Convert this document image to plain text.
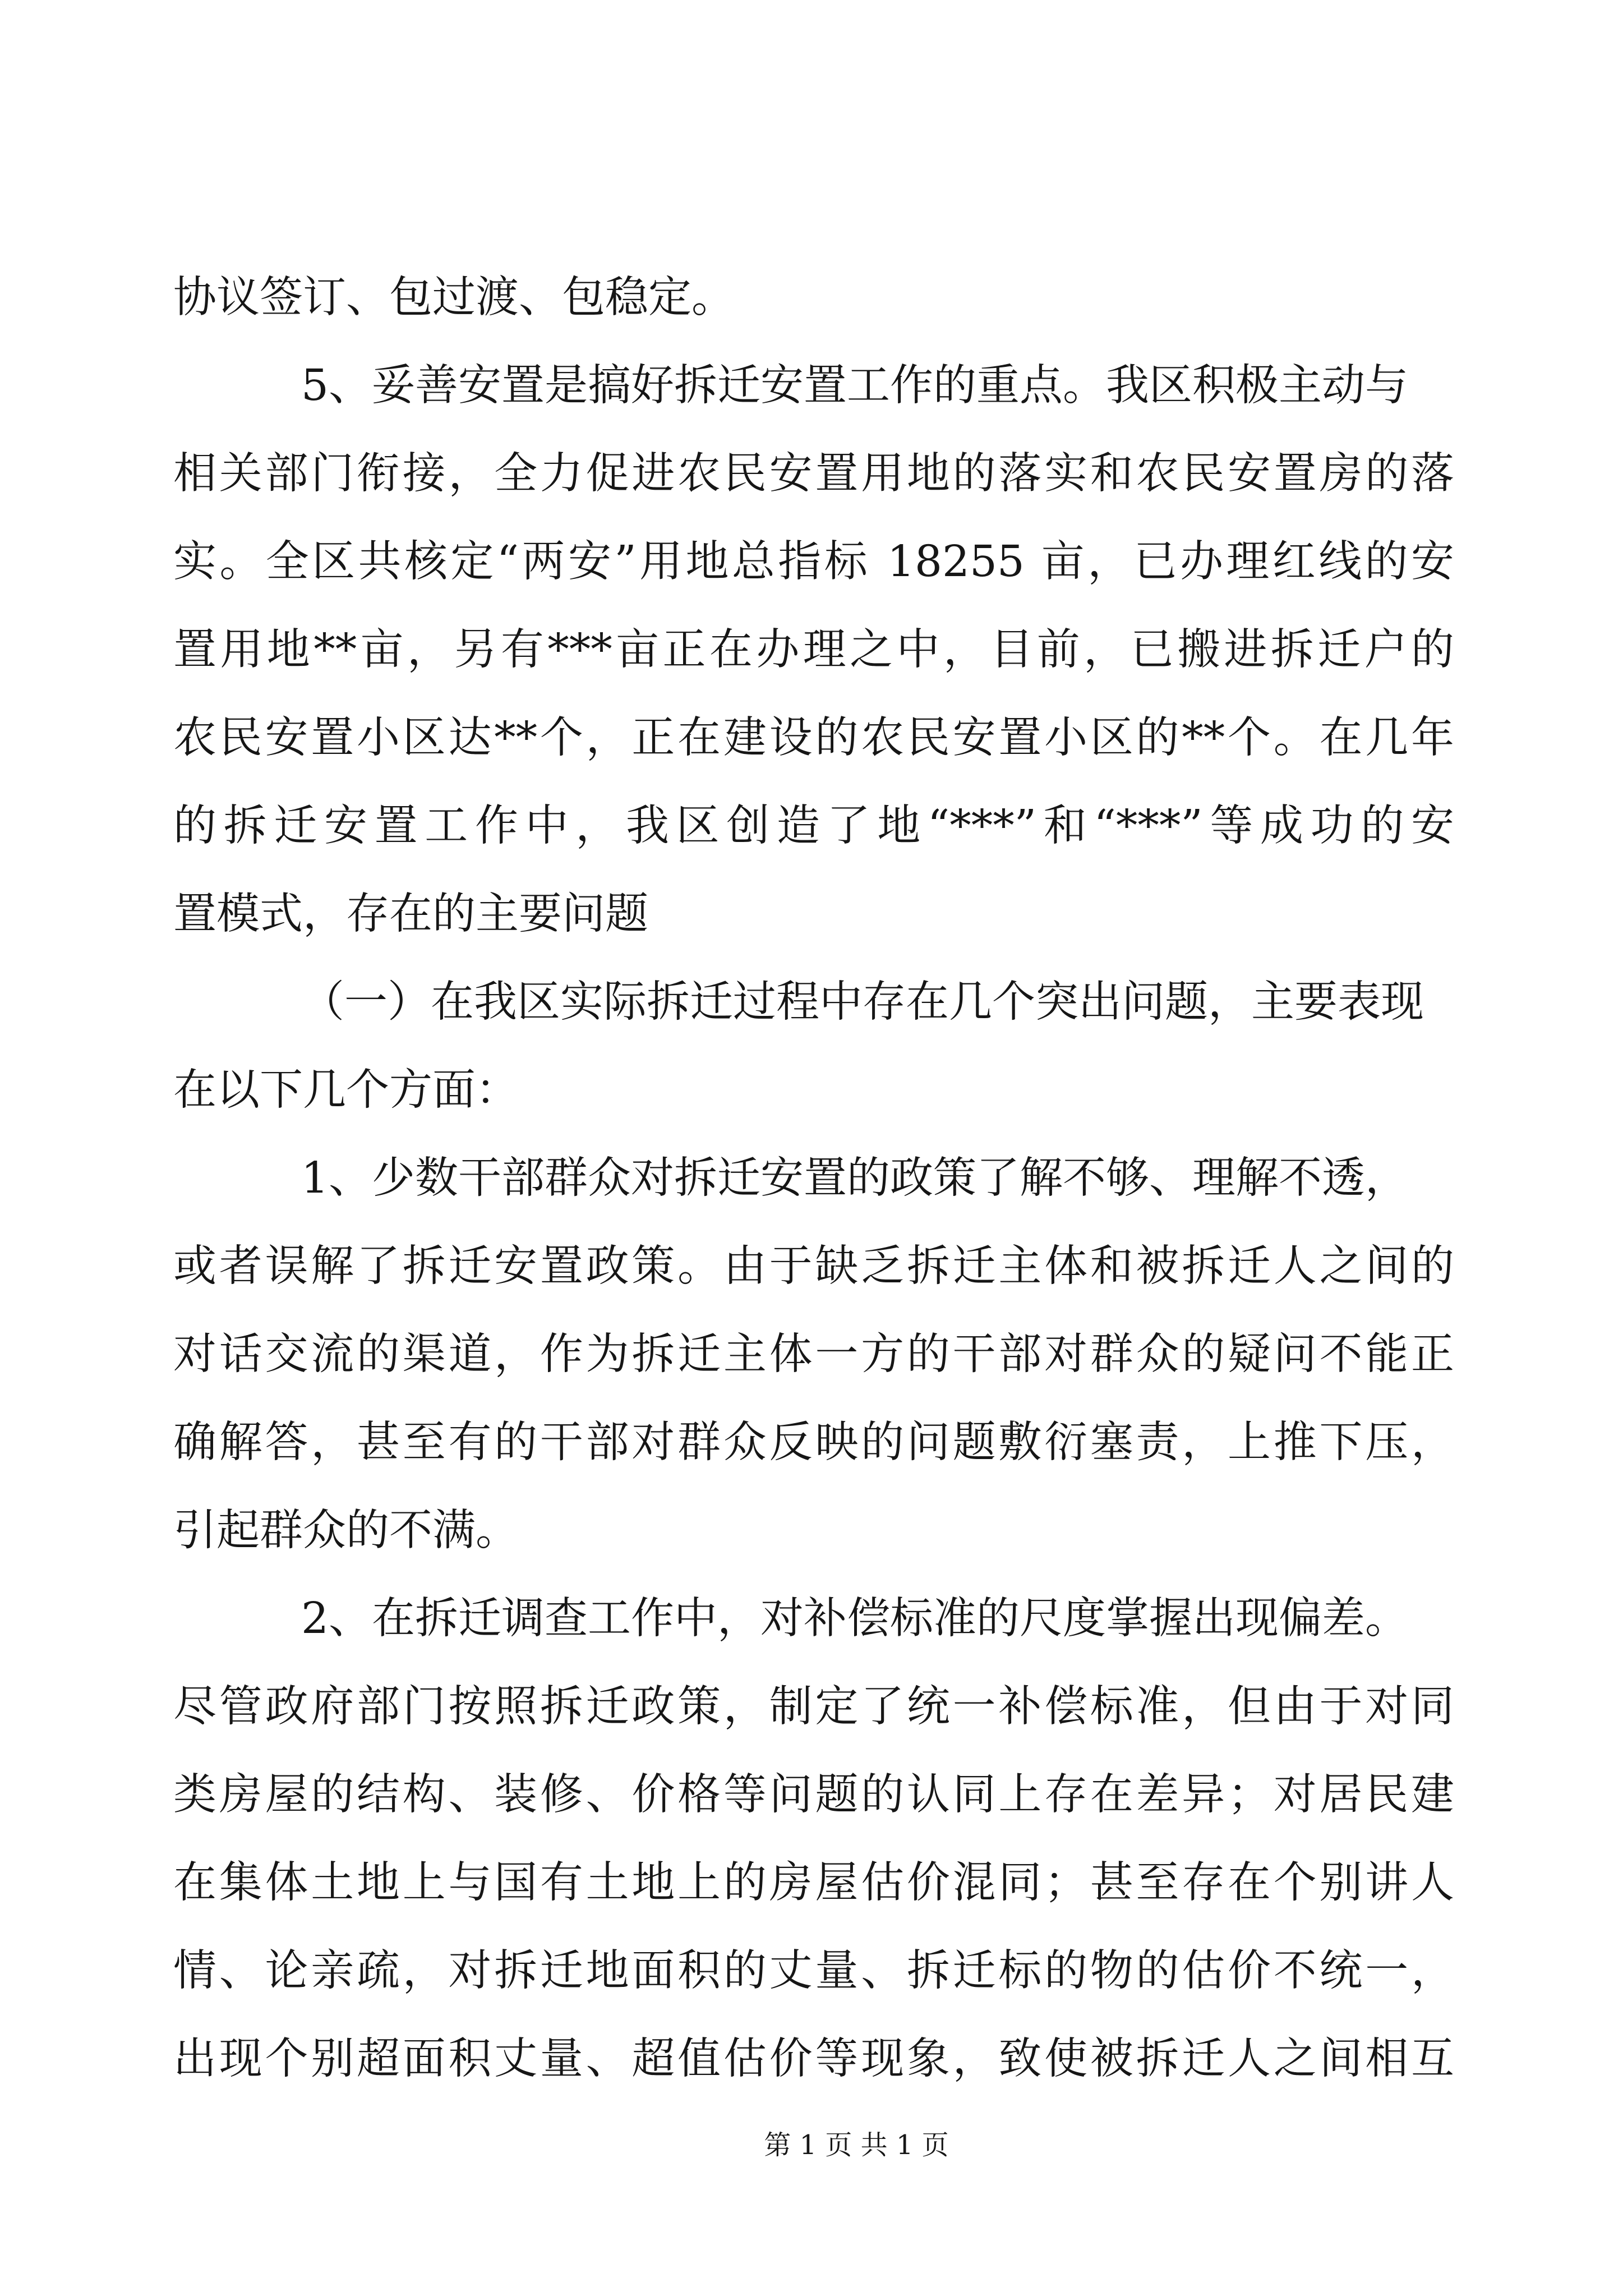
协议签订、包过渡、包稳定。
5、妥善安置是搞好拆迁安置工作的重点。我区积极主动与
相关部门衔接，全力促进农民安置用地的落实和农民安置房的落
实。全区共核定“两安”用地总指标 18255 亩，已办理红线的安
置用地**亩，另有***亩正在办理之中，目前，已搬进拆迁户的
农民安置小区达**个，正在建设的农民安置小区的**个。在几年
的拆迁安置工作中，我区创造了地“***”和“***”等成功的安
置模式，存在的主要问题
（一）在我区实际拆迁过程中存在几个突出问题，主要表现
在以下几个方面：
1、少数干部群众对拆迁安置的政策了解不够、理解不透，
或者误解了拆迁安置政策。由于缺乏拆迁主体和被拆迁人之间的
对话交流的渠道，作为拆迁主体一方的干部对群众的疑问不能正
确解答，甚至有的干部对群众反映的问题敷衍塞责，上推下压，
引起群众的不满。
2、在拆迁调查工作中，对补偿标准的尺度掌握出现偏差。
尽管政府部门按照拆迁政策，制定了统一补偿标准，但由于对同
类房屋的结构、装修、价格等问题的认同上存在差异；对居民建
在集体土地上与国有土地上的房屋估价混同；甚至存在个别讲人
情、论亲疏，对拆迁地面积的丈量、拆迁标的物的估价不统一，
出现个别超面积丈量、超值估价等现象，致使被拆迁人之间相互
第 1 页 共 1 页
